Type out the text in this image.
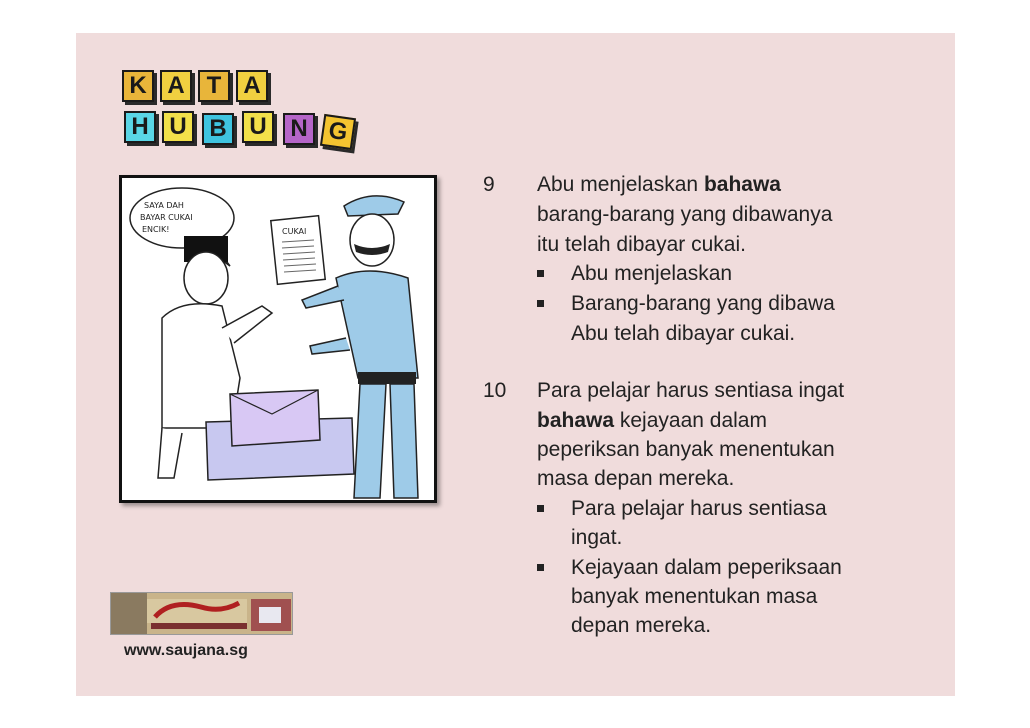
K A T A
H U B U N G
SAYA DAH
BAYAR CUKAI
ENCIK!	CUKAI
9 Abu menjelaskan bahawa
barang-barang yang dibawanya
itu telah dibayar cukai.
Abu menjelaskan
Barang-barang yang dibawa
Abu telah dibayar cukai.
10 Para pelajar harus sentiasa ingat
bahawa kejayaan dalam
peperiksan banyak menentukan
masa depan mereka.
Para pelajar harus sentiasa
ingat.
Kejayaan dalam peperiksaan
banyak menentukan masa
depan mereka.
www.saujana.sg
